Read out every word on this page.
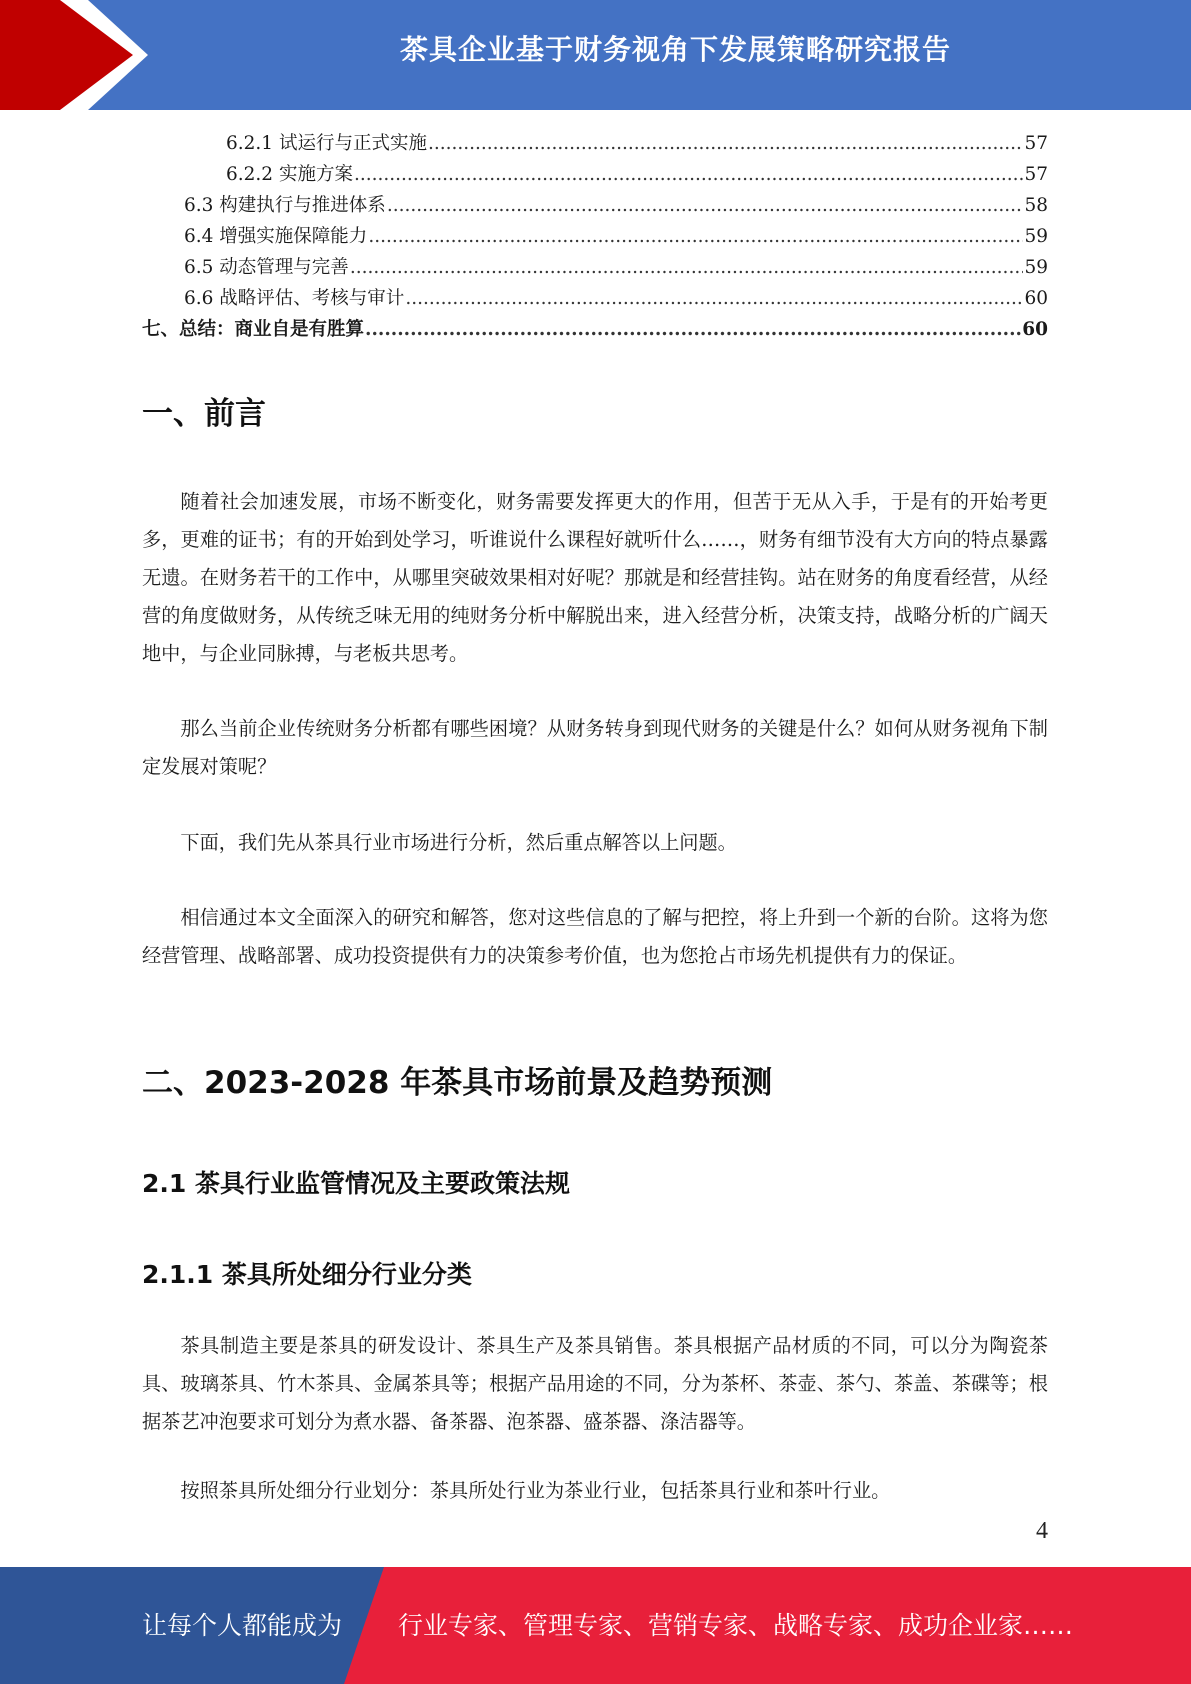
茶具企业基于财务视角下发展策略研究报告
6.2.1 试运行与正式实施 .....	57
6.2.2 实施方案 .....	57
6.3 构建执行与推进体系 .....	58
6.4 增强实施保障能力 .....	59
6.5 动态管理与完善 .....	59
6.6 战略评估、考核与审计 .....	60
七、总结：商业自是有胜算 .....	60
一、前言

随着社会加速发展，市场不断变化，财务需要发挥更大的作用，但苦于无从入手，于是有的开始考更多，更难的证书；有的开始到处学习，听谁说什么课程好就听什么……，财务有细节没有大方向的特点暴露无遗。在财务若干的工作中，从哪里突破效果相对好呢？那就是和经营挂钩。站在财务的角度看经营，从经营的角度做财务，从传统乏味无用的纯财务分析中解脱出来，进入经营分析，决策支持，战略分析的广阔天地中，与企业同脉搏，与老板共思考。

那么当前企业传统财务分析都有哪些困境？从财务转身到现代财务的关键是什么？如何从财务视角下制定发展对策呢？

下面，我们先从茶具行业市场进行分析，然后重点解答以上问题。

相信通过本文全面深入的研究和解答，您对这些信息的了解与把控，将上升到一个新的台阶。这将为您经营管理、战略部署、成功投资提供有力的决策参考价值，也为您抢占市场先机提供有力的保证。

二、2023-2028 年茶具市场前景及趋势预测
2.1 茶具行业监管情况及主要政策法规
2.1.1 茶具所处细分行业分类

茶具制造主要是茶具的研发设计、茶具生产及茶具销售。茶具根据产品材质的不同，可以分为陶瓷茶具、玻璃茶具、竹木茶具、金属茶具等；根据产品用途的不同，分为茶杯、茶壶、茶勺、茶盖、茶碟等；根据茶艺冲泡要求可划分为煮水器、备茶器、泡茶器、盛茶器、涤洁器等。

按照茶具所处细分行业划分：茶具所处行业为茶业行业，包括茶具行业和茶叶行业。

4
让每个人都能成为 行业专家、管理专家、营销专家、战略专家、成功企业家……
